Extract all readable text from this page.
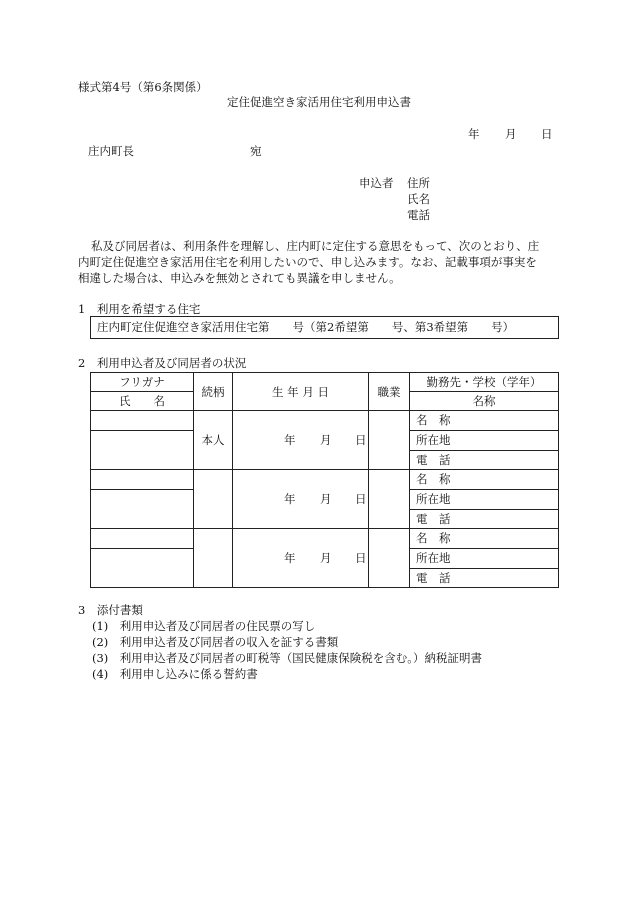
様式第4号（第6条関係）
定住促進空き家活用住宅利用申込書
年 月 日
庄内町長	宛
申込者 住所
氏名
電話
私及び同居者は、利用条件を理解し、庄内町に定住する意思をもって、次のとおり、庄
内町定住促進空き家活用住宅を利用したいので、申し込みます。なお、記載事項が事実を
相違した場合は、申込みを無効とされても異議を申しません。
1　利用を希望する住宅
庄内町定住促進空き家活用住宅第　　号（第2希望第　　号、第3希望第　　号）
2　利用申込者及び同居者の状況
フリガナ	続柄	生 年 月 日	職業	勤務先・学校（学年）
氏　　名				名称
	本人	年 月 日		名　称
				所在地
				電　話

		年 月 日		名　称
				所在地
				電　話

		年 月 日		名　称
				所在地
				電　話
3　添付書類
(1)　利用申込者及び同居者の住民票の写し
(2)　利用申込者及び同居者の収入を証する書類
(3)　利用申込者及び同居者の町税等（国民健康保険税を含む。）納税証明書
(4)　利用申し込みに係る誓約書
